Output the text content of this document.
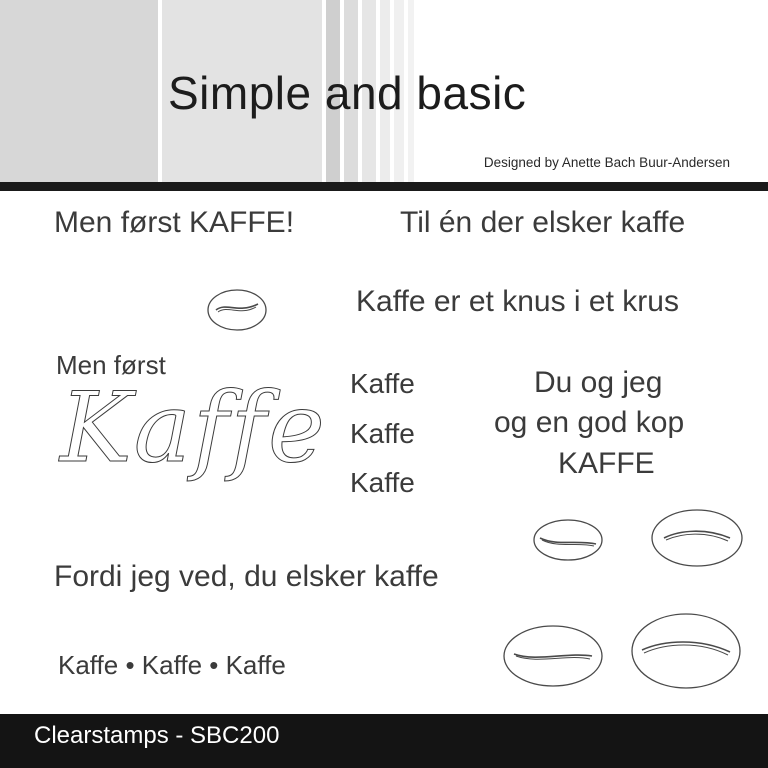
Simple and basic
Designed by Anette Bach Buur-Andersen
Men først KAFFE!	Til én der elsker kaffe
Kaffe er et knus i et krus
Men først
Kaffe Kaffe
Kaffe
Kaffe
Du og jeg
og en god kop
KAFFE
Fordi jeg ved, du elsker kaffe
Kaffe • Kaffe • Kaffe
Clearstamps - SBC200
